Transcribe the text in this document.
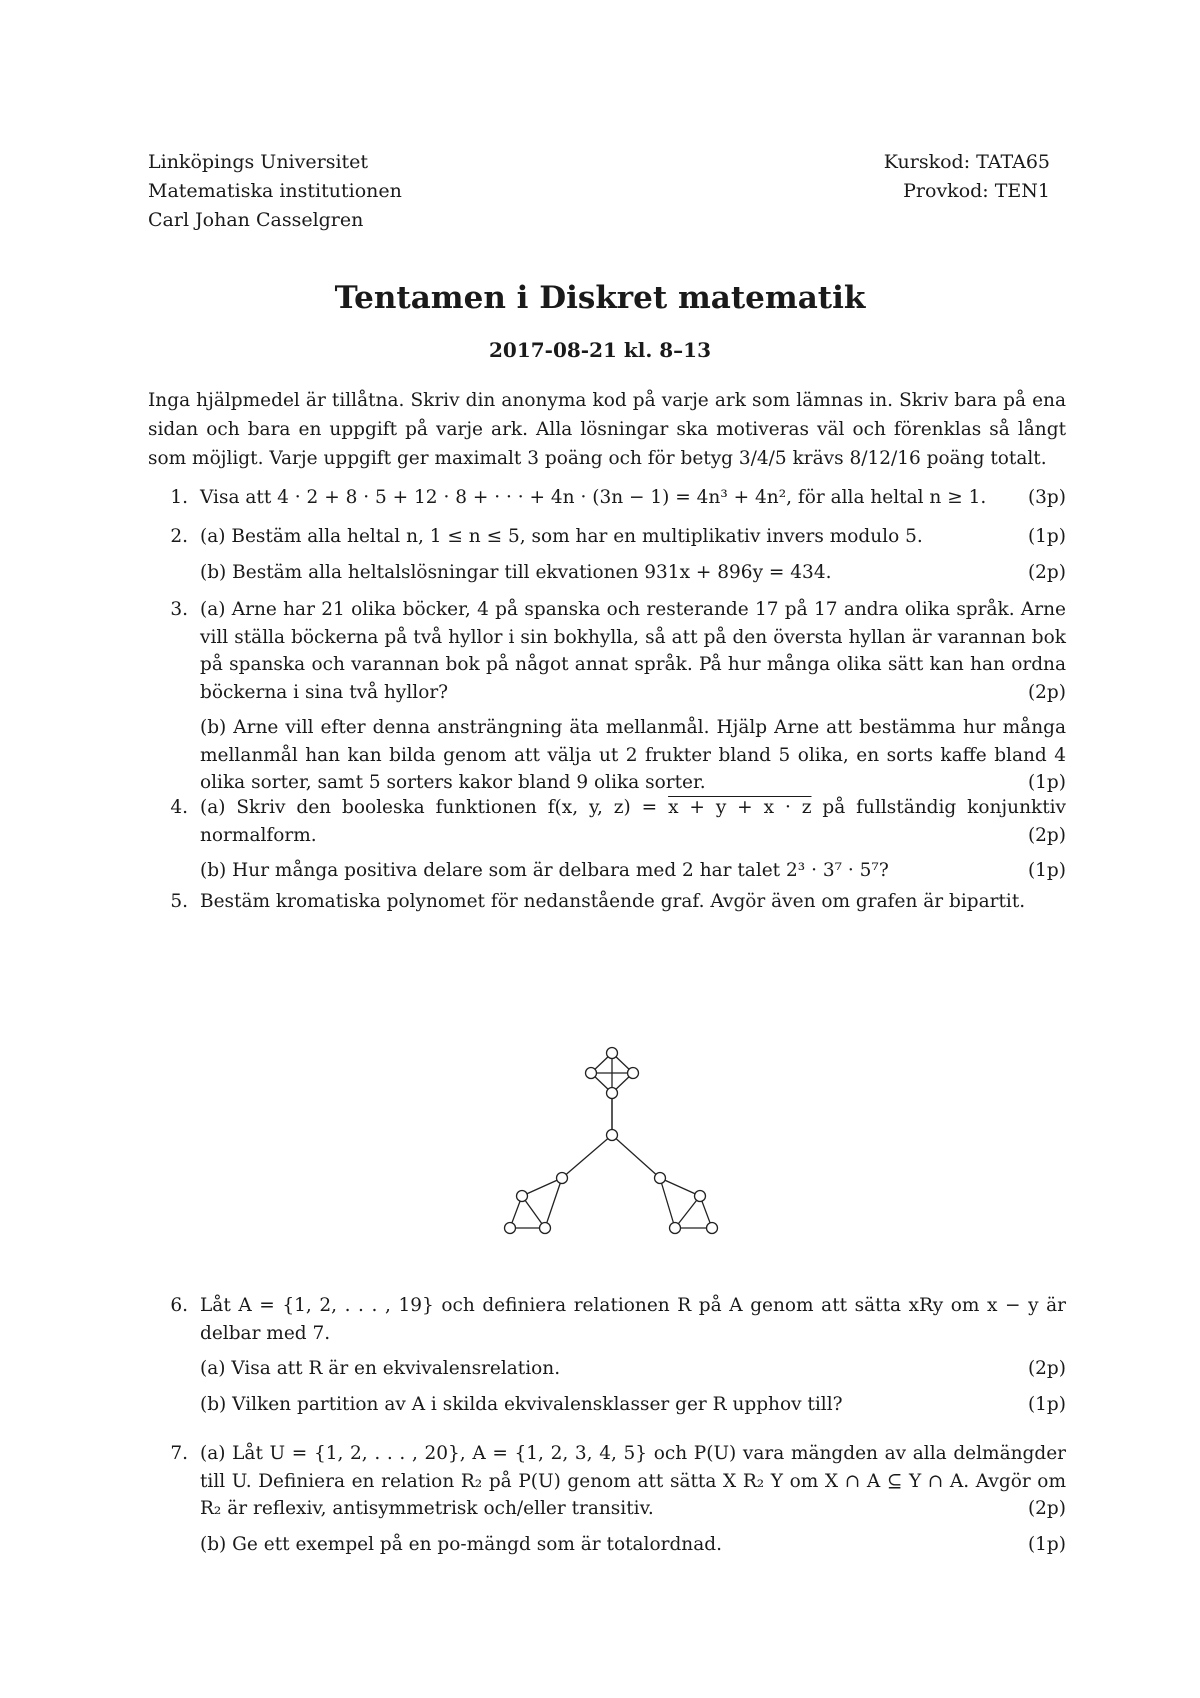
Linköpings Universitet
Matematiska institutionen
Carl Johan Casselgren
Kurskod: TATA65
Provkod: TEN1
Tentamen i Diskret matematik
2017-08-21 kl. 8–13
Inga hjälpmedel är tillåtna. Skriv din anonyma kod på varje ark som lämnas in. Skriv bara på ena sidan och bara en uppgift på varje ark. Alla lösningar ska motiveras väl och förenklas så långt som möjligt. Varje uppgift ger maximalt 3 poäng och för betyg 3/4/5 krävs 8/12/16 poäng totalt.
1. Visa att 4 · 2 + 8 · 5 + 12 · 8 + · · · + 4n · (3n − 1) = 4n³ + 4n², för alla heltal n ≥ 1. (3p)
2. (a) Bestäm alla heltal n, 1 ≤ n ≤ 5, som har en multiplikativ invers modulo 5.	(1p)
(b) Bestäm alla heltalslösningar till ekvationen 931x + 896y = 434.	(2p)
3. (a) Arne har 21 olika böcker, 4 på spanska och resterande 17 på 17 andra olika språk. Arne vill ställa böckerna på två hyllor i sin bokhylla, så att på den översta hyllan är varannan bok på spanska och varannan bok på något annat språk. På hur många olika sätt kan han ordna böckerna i sina två hyllor?	(2p)
(b) Arne vill efter denna ansträngning äta mellanmål. Hjälp Arne att bestämma hur många mellanmål han kan bilda genom att välja ut 2 frukter bland 5 olika, en sorts kaffe bland 4 olika sorter, samt 5 sorters kakor bland 9 olika sorter.	(1p)
4. (a) Skriv den booleska funktionen f(x, y, z) = x + y + x · z på fullständig konjunktiv normalform.	(2p)
(b) Hur många positiva delare som är delbara med 2 har talet 2³ · 3⁷ · 5⁷?	(1p)
5. Bestäm kromatiska polynomet för nedanstående graf. Avgör även om grafen är bipartit.
6. Låt A = {1, 2, . . . , 19} och definiera relationen R på A genom att sätta xRy om x − y är delbar med 7.
(a) Visa att R är en ekvivalensrelation.	(2p)
(b) Vilken partition av A i skilda ekvivalensklasser ger R upphov till?	(1p)
7. (a) Låt U = {1, 2, . . . , 20}, A = {1, 2, 3, 4, 5} och P(U) vara mängden av alla delmängder till U. Definiera en relation R₂ på P(U) genom att sätta X R₂ Y om X ∩ A ⊆ Y ∩ A. Avgör om R₂ är reflexiv, antisymmetrisk och/eller transitiv.	(2p)
(b) Ge ett exempel på en po-mängd som är totalordnad.	(1p)
